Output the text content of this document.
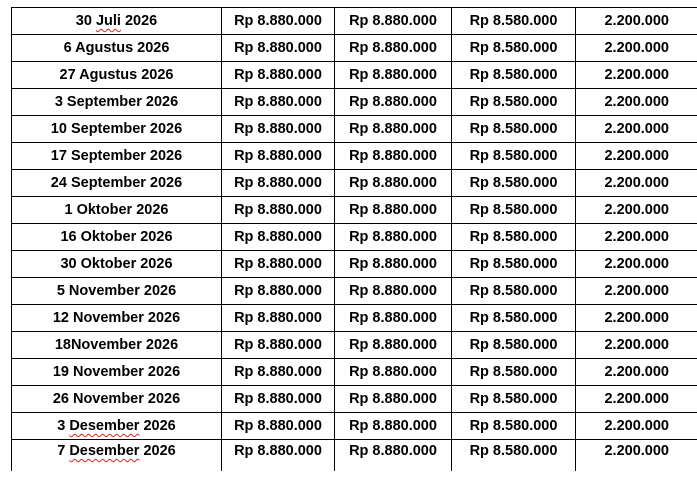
30 Juli 2026	Rp 8.880.000	Rp 8.880.000	Rp 8.580.000	2.200.000
6 Agustus 2026	Rp 8.880.000	Rp 8.880.000	Rp 8.580.000	2.200.000
27 Agustus 2026	Rp 8.880.000	Rp 8.880.000	Rp 8.580.000	2.200.000
3 September 2026	Rp 8.880.000	Rp 8.880.000	Rp 8.580.000	2.200.000
10 September 2026	Rp 8.880.000	Rp 8.880.000	Rp 8.580.000	2.200.000
17 September 2026	Rp 8.880.000	Rp 8.880.000	Rp 8.580.000	2.200.000
24 September 2026	Rp 8.880.000	Rp 8.880.000	Rp 8.580.000	2.200.000
1 Oktober 2026	Rp 8.880.000	Rp 8.880.000	Rp 8.580.000	2.200.000
16 Oktober 2026	Rp 8.880.000	Rp 8.880.000	Rp 8.580.000	2.200.000
30 Oktober 2026	Rp 8.880.000	Rp 8.880.000	Rp 8.580.000	2.200.000
5 November 2026	Rp 8.880.000	Rp 8.880.000	Rp 8.580.000	2.200.000
12 November 2026	Rp 8.880.000	Rp 8.880.000	Rp 8.580.000	2.200.000
18November 2026	Rp 8.880.000	Rp 8.880.000	Rp 8.580.000	2.200.000
19 November 2026	Rp 8.880.000	Rp 8.880.000	Rp 8.580.000	2.200.000
26 November 2026	Rp 8.880.000	Rp 8.880.000	Rp 8.580.000	2.200.000
3 Desember 2026	Rp 8.880.000	Rp 8.880.000	Rp 8.580.000	2.200.000
7 Desember 2026	Rp 8.880.000	Rp 8.880.000	Rp 8.580.000	2.200.000
